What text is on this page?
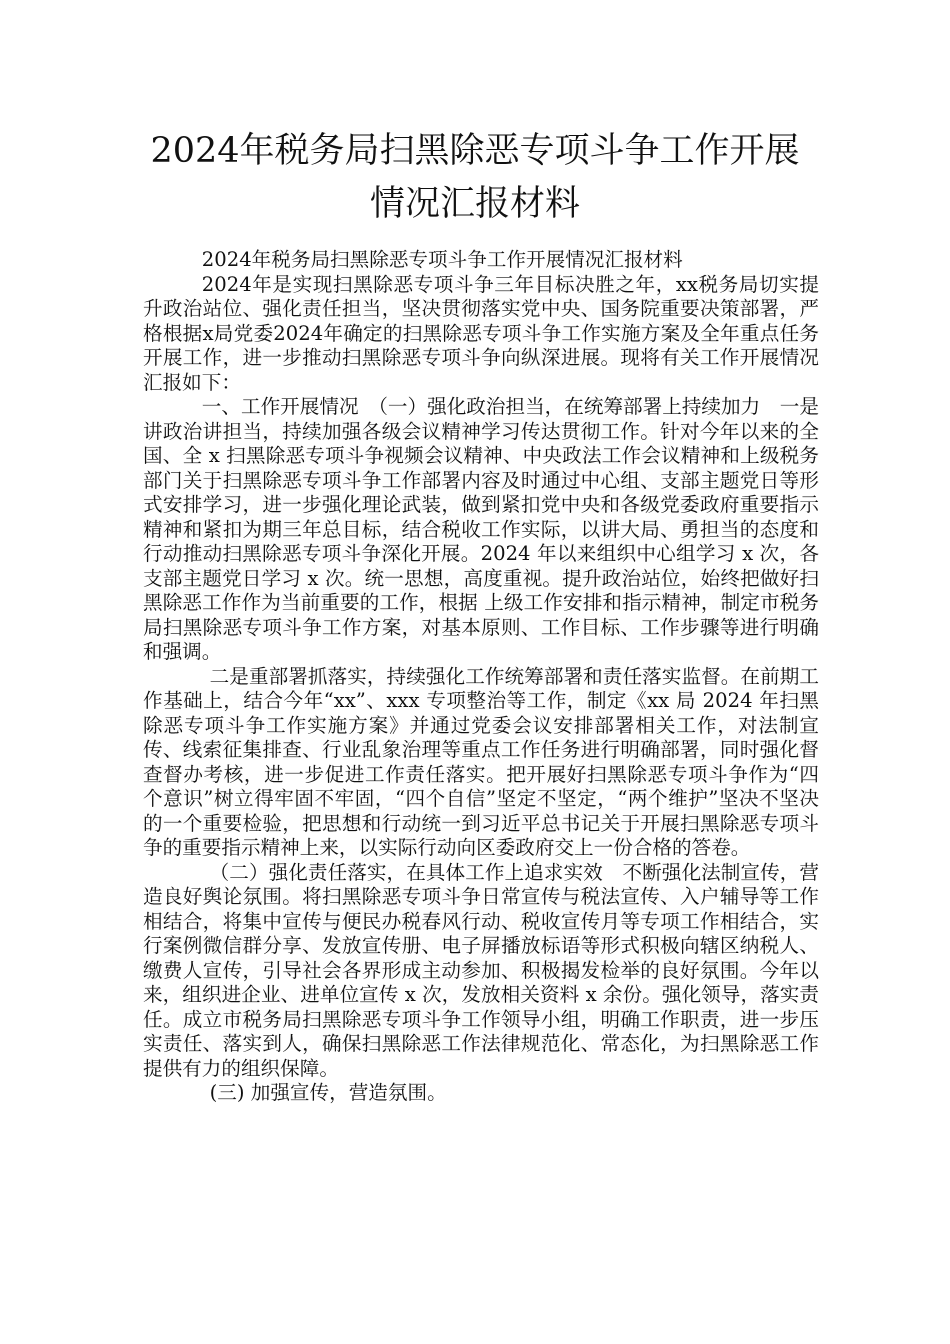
2024年税务局扫黑除恶专项斗争工作开展
情况汇报材料

2024年税务局扫黑除恶专项斗争工作开展情况汇报材料

2024年是实现扫黑除恶专项斗争三年目标决胜之年，xx税务局切实提升政治站位、强化责任担当，坚决贯彻落实党中央、国务院重要决策部署，严格根据x局党委2024年确定的扫黑除恶专项斗争工作实施方案及全年重点任务开展工作，进一步推动扫黑除恶专项斗争向纵深进展。现将有关工作开展情况汇报如下：

一、工作开展情况　（一）强化政治担当，在统筹部署上持续加力　一是讲政治讲担当，持续加强各级会议精神学习传达贯彻工作。针对今年以来的全国、全 x 扫黑除恶专项斗争视频会议精神、中央政法工作会议精神和上级税务部门关于扫黑除恶专项斗争工作部署内容及时通过中心组、支部主题党日等形式安排学习，进一步强化理论武装，做到紧扣党中央和各级党委政府重要指示精神和紧扣为期三年总目标，结合税收工作实际，以讲大局、勇担当的态度和行动推动扫黑除恶专项斗争深化开展。2024 年以来组织中心组学习 x 次，各支部主题党日学习 x 次。统一思想，高度重视。提升政治站位，始终把做好扫黑除恶工作作为当前重要的工作，根据 上级工作安排和指示精神，制定市税务局扫黑除恶专项斗争工作方案，对基本原则、工作目标、工作步骤等进行明确和强调。

二是重部署抓落实，持续强化工作统筹部署和责任落实监督。在前期工作基础上，结合今年“xx”、xxx 专项整治等工作，制定《xx 局 2024 年扫黑除恶专项斗争工作实施方案》并通过党委会议安排部署相关工作，对法制宣传、线索征集排查、行业乱象治理等重点工作任务进行明确部署，同时强化督查督办考核，进一步促进工作责任落实。把开展好扫黑除恶专项斗争作为“四个意识”树立得牢固不牢固，“四个自信”坚定不坚定，“两个维护”坚决不坚决的一个重要检验，把思想和行动统一到习近平总书记关于开展扫黑除恶专项斗争的重要指示精神上来，以实际行动向区委政府交上一份合格的答卷。

（二）强化责任落实，在具体工作上追求实效　不断强化法制宣传，营造良好舆论氛围。将扫黑除恶专项斗争日常宣传与税法宣传、入户辅导等工作相结合，将集中宣传与便民办税春风行动、税收宣传月等专项工作相结合，实行案例微信群分享、发放宣传册、电子屏播放标语等形式积极向辖区纳税人、缴费人宣传，引导社会各界形成主动参加、积极揭发检举的良好氛围。今年以来，组织进企业、进单位宣传 x 次，发放相关资料 x 余份。强化领导，落实责 任。成立市税务局扫黑除恶专项斗争工作领导小组，明确工作职责，进一步压实责任、落实到人，确保扫黑除恶工作法律规范化、常态化，为扫黑除恶工作提供有力的组织保障。

(三) 加强宣传，营造氛围。
